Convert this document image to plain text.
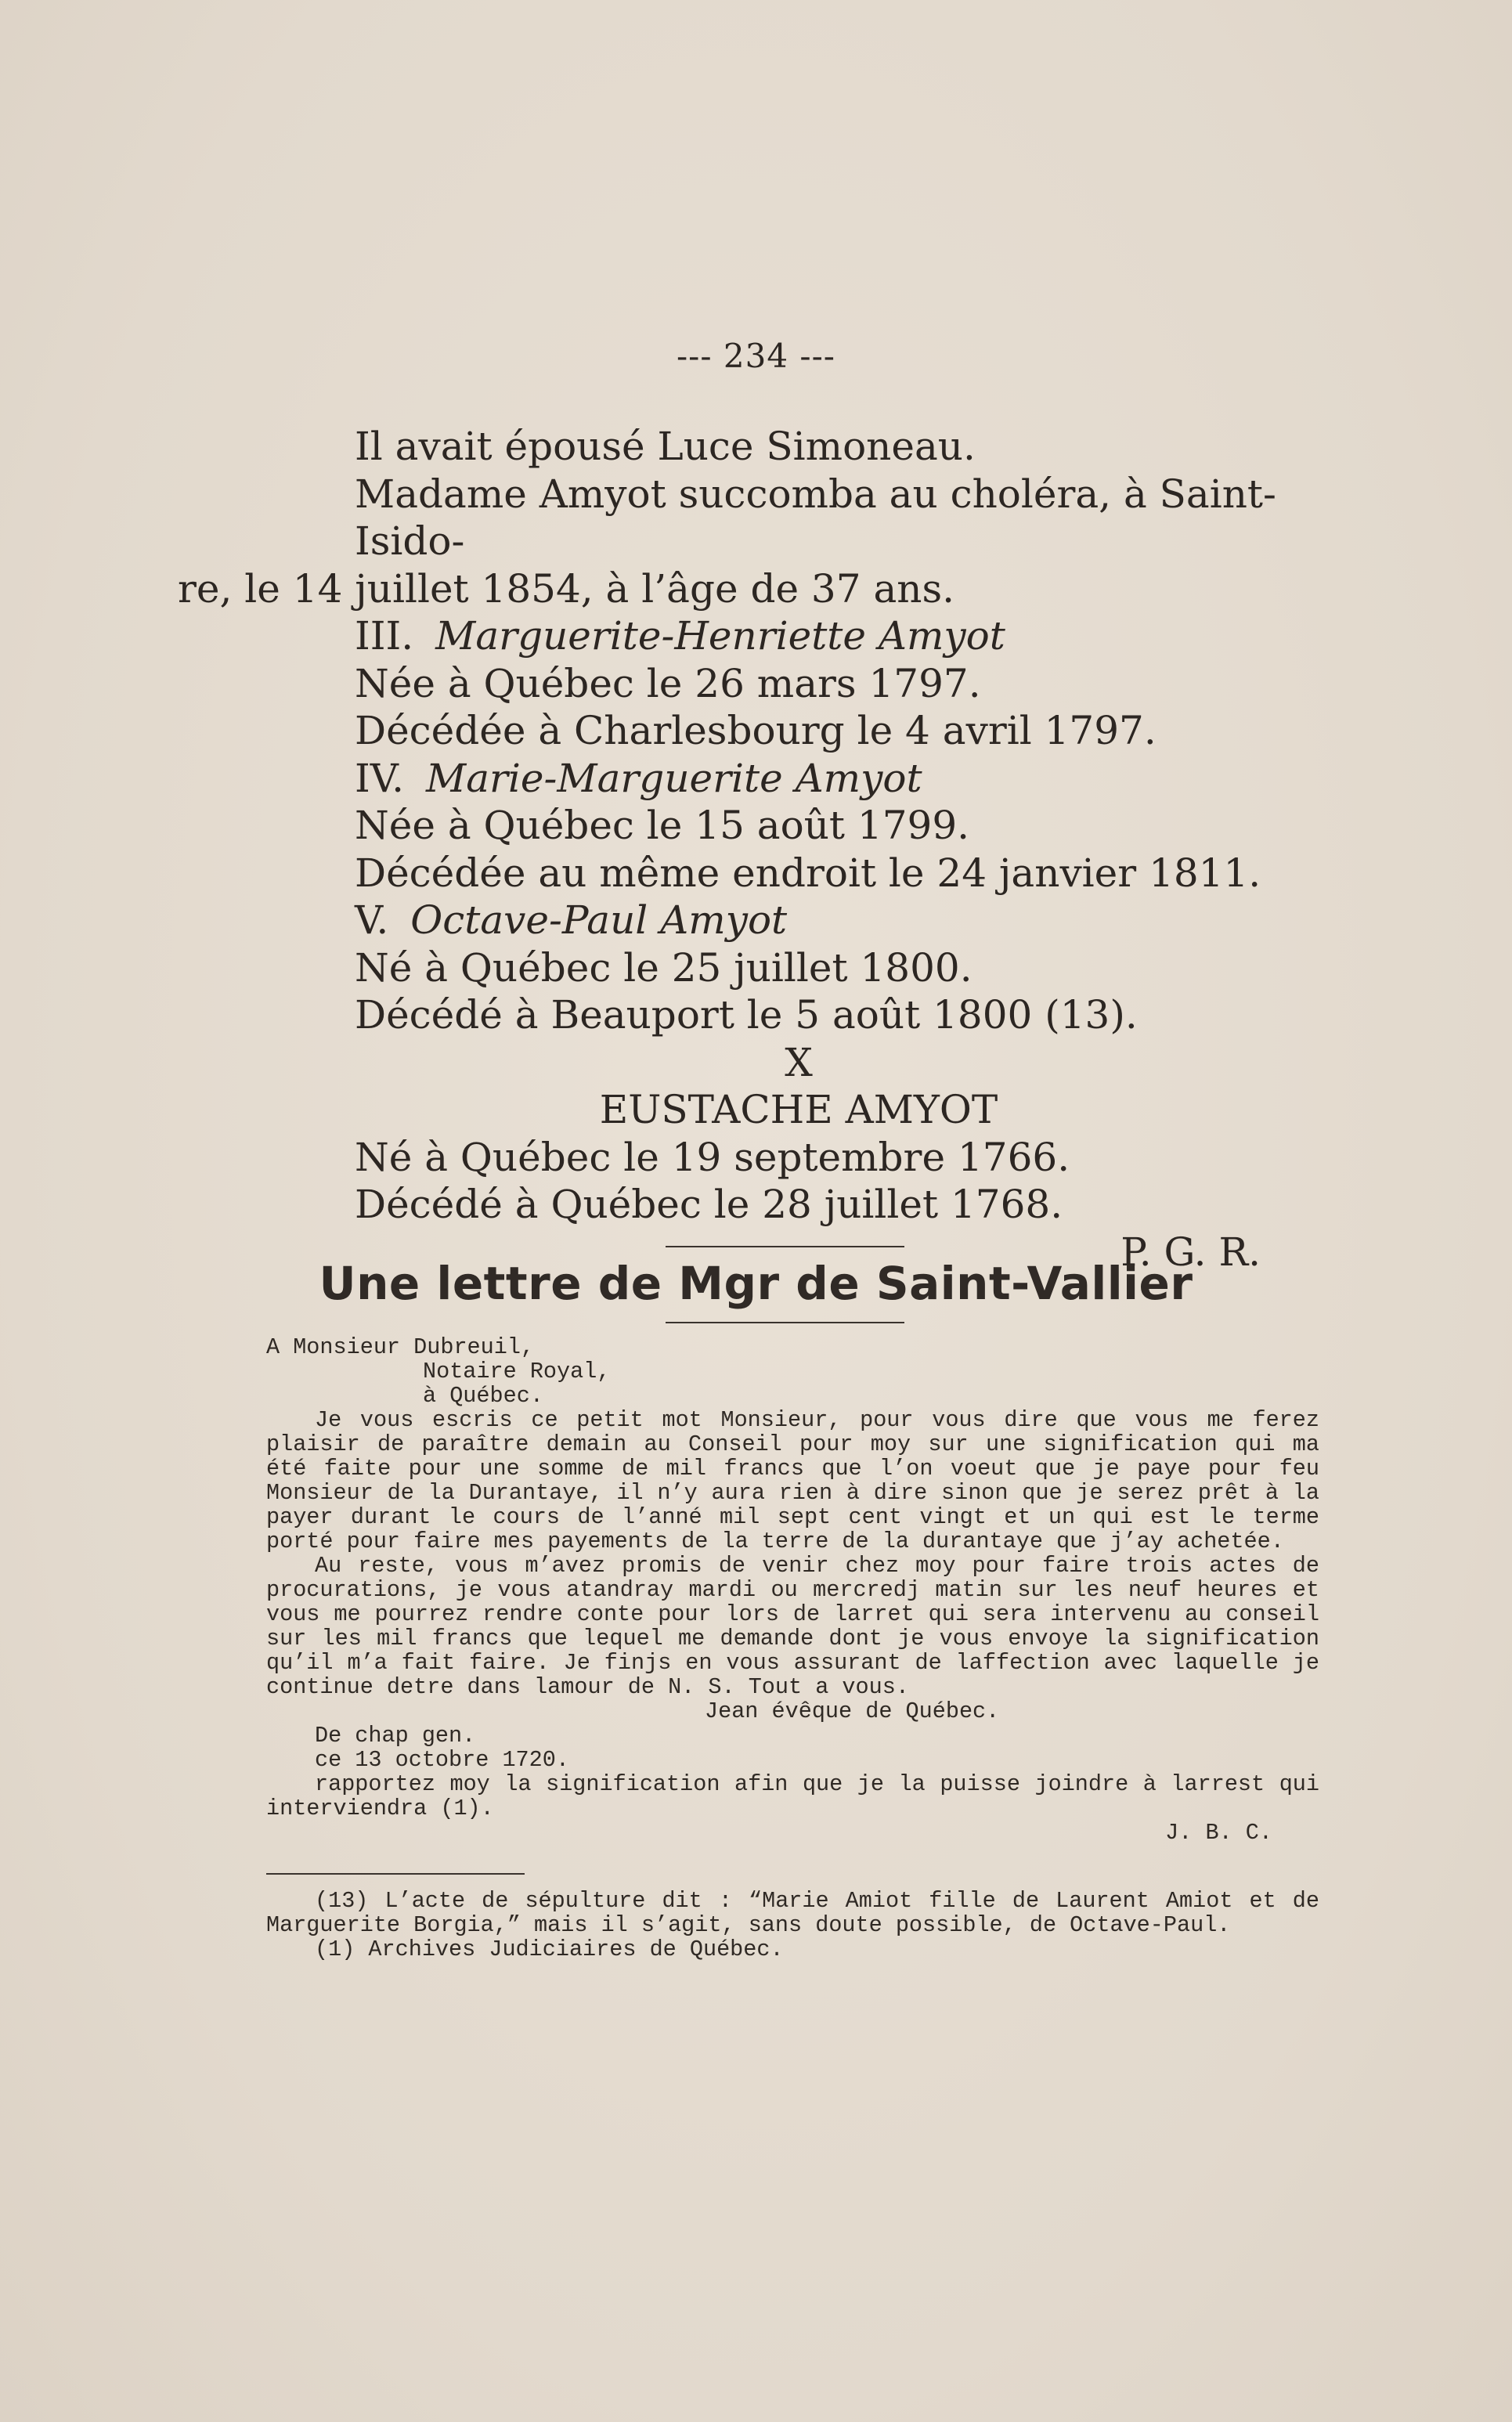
--- 234 ---

Il avait épousé Luce Simoneau.

Madame Amyot succomba au choléra, à Saint-Isido-

re, le 14 juillet 1854, à l’âge de 37 ans.

III. Marguerite-Henriette Amyot

Née à Québec le 26 mars 1797.

Décédée à Charlesbourg le 4 avril 1797.

IV. Marie-Marguerite Amyot

Née à Québec le 15 août 1799.

Décédée au même endroit le 24 janvier 1811.

V. Octave-Paul Amyot

Né à Québec le 25 juillet 1800.

Décédé à Beauport le 5 août 1800 (13).

X

EUSTACHE AMYOT

Né à Québec le 19 septembre 1766.

Décédé à Québec le 28 juillet 1768.

P. G. R.

Une lettre de Mgr de Saint-Vallier

A Monsieur Dubreuil,

Notaire Royal,

à Québec.

Je vous escris ce petit mot Monsieur, pour vous dire que vous me ferez plaisir de paraître demain au Conseil pour moy sur une signification qui ma été faite pour une somme de mil francs que l’on voeut que je paye pour feu Monsieur de la Durantaye, il n’y aura rien à dire sinon que je serez prêt à la payer durant le cours de l’anné mil sept cent vingt et un qui est le terme porté pour faire mes payements de la terre de la durantaye que j’ay achetée.

Au reste, vous m’avez promis de venir chez moy pour faire trois actes de procurations, je vous atandray mardi ou mercredj matin sur les neuf heures et vous me pourrez rendre conte pour lors de larret qui sera intervenu au conseil sur les mil francs que lequel me demande dont je vous envoye la signification qu’il m’a fait faire. Je finjs en vous assurant de laffection avec laquelle je continue detre dans lamour de N. S. Tout a vous.

Jean évêque de Québec.

De chap gen.

ce 13 octobre 1720.

rapportez moy la signification afin que je la puisse joindre à larrest qui interviendra (1).

J. B. C.

(13) L’acte de sépulture dit : “Marie Amiot fille de Laurent Amiot et de Marguerite Borgia,” mais il s’agit, sans doute possible, de Octave-Paul.

(1) Archives Judiciaires de Québec.
